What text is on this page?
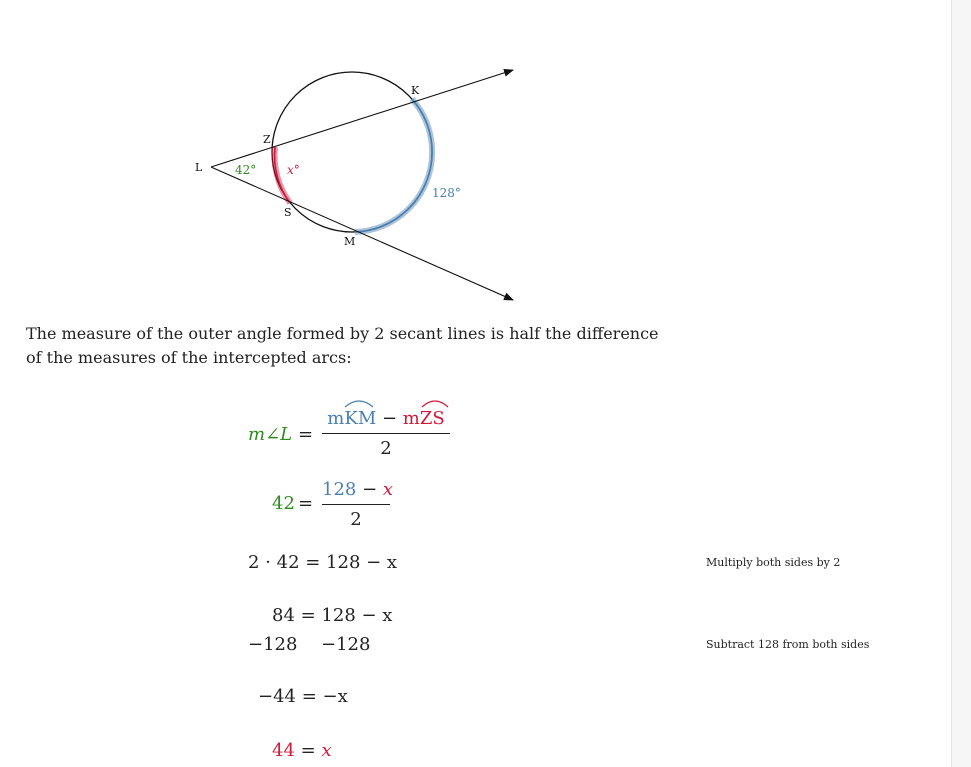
L
Z
S
K
M
42°	x°
128°
The measure of the outer angle formed by 2 secant lines is half the difference of the measures of the intercepted arcs:
m∠L =
mKM − mZS
2
42 =
128 − x
2
2 · 42 = 128 − x	Multiply both sides by 2
84 = 128 − x
−128 −128	Subtract 128 from both sides
−44 = −x
44 = x
